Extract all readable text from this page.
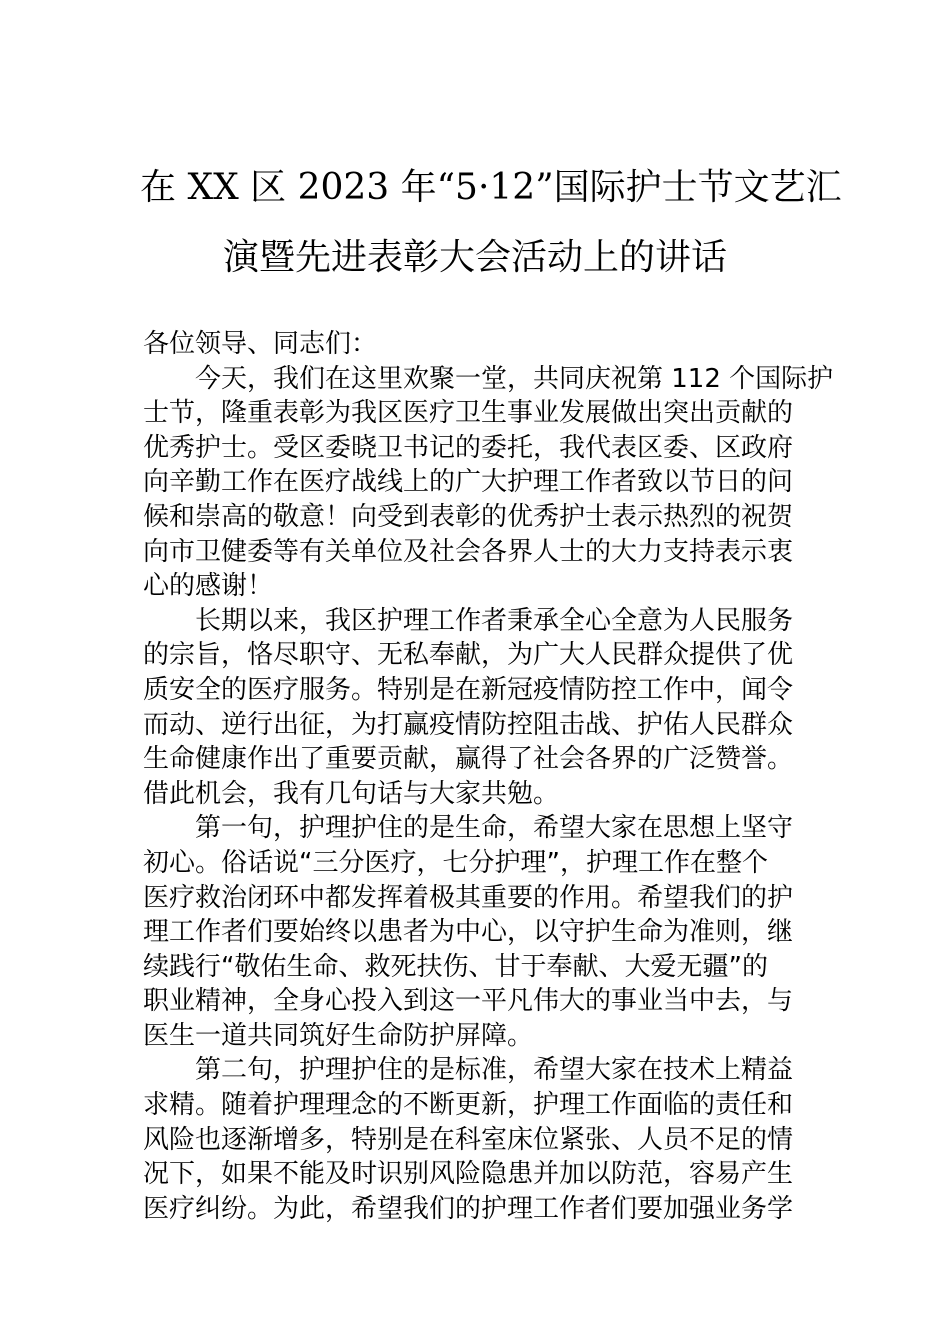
在 XX 区 2023 年“5·12”国际护士节文艺汇
演暨先进表彰大会活动上的讲话
各位领导、同志们：
今天，我们在这里欢聚一堂，共同庆祝第 112 个国际护
士节，隆重表彰为我区医疗卫生事业发展做出突出贡献的
优秀护士。受区委晓卫书记的委托，我代表区委、区政府
向辛勤工作在医疗战线上的广大护理工作者致以节日的问
候和崇高的敬意！向受到表彰的优秀护士表示热烈的祝贺
向市卫健委等有关单位及社会各界人士的大力支持表示衷
心的感谢！
长期以来，我区护理工作者秉承全心全意为人民服务
的宗旨，恪尽职守、无私奉献，为广大人民群众提供了优
质安全的医疗服务。特别是在新冠疫情防控工作中，闻令
而动、逆行出征，为打赢疫情防控阻击战、护佑人民群众
生命健康作出了重要贡献，赢得了社会各界的广泛赞誉。
借此机会，我有几句话与大家共勉。
第一句，护理护住的是生命，希望大家在思想上坚守
初心。俗话说“三分医疗，七分护理”，护理工作在整个
医疗救治闭环中都发挥着极其重要的作用。希望我们的护
理工作者们要始终以患者为中心，以守护生命为准则，继
续践行“敬佑生命、救死扶伤、甘于奉献、大爱无疆”的
职业精神，全身心投入到这一平凡伟大的事业当中去，与
医生一道共同筑好生命防护屏障。
第二句，护理护住的是标准，希望大家在技术上精益
求精。随着护理理念的不断更新，护理工作面临的责任和
风险也逐渐增多，特别是在科室床位紧张、人员不足的情
况下，如果不能及时识别风险隐患并加以防范，容易产生
医疗纠纷。为此，希望我们的护理工作者们要加强业务学
